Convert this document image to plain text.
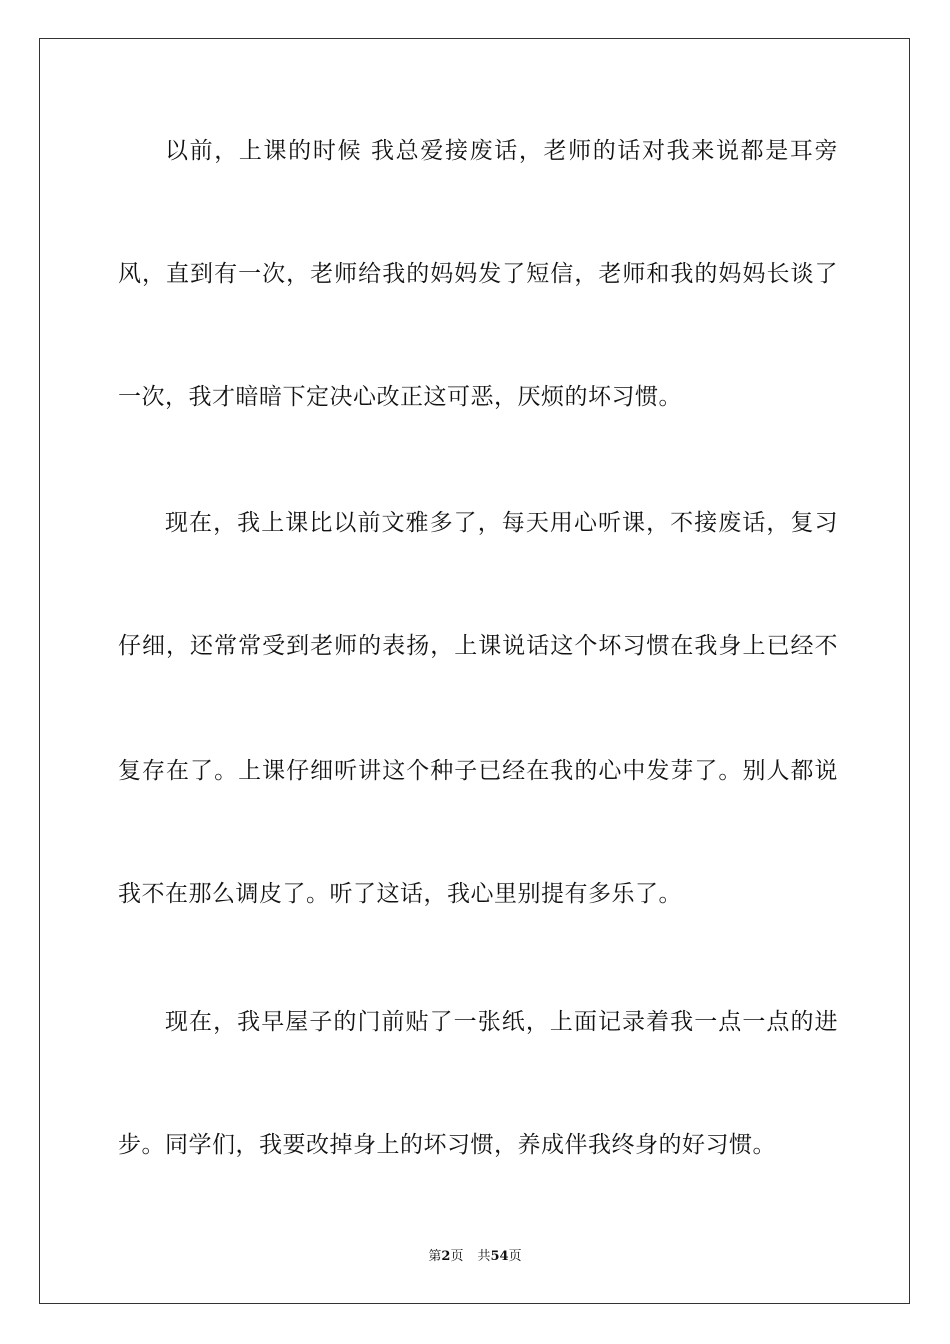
以前，上课的时候 我总爱接废话，老师的话对我来说都是耳旁
风，直到有一次，老师给我的妈妈发了短信，老师和我的妈妈长谈了
一次，我才暗暗下定决心改正这可恶，厌烦的坏习惯。
现在，我上课比以前文雅多了，每天用心听课，不接废话，复习
仔细，还常常受到老师的表扬，上课说话这个坏习惯在我身上已经不
复存在了。上课仔细听讲这个种子已经在我的心中发芽了。别人都说
我不在那么调皮了。听了这话，我心里别提有多乐了。
现在，我早屋子的门前贴了一张纸，上面记录着我一点一点的进
步。同学们，我要改掉身上的坏习惯，养成伴我终身的好习惯。
第2页 共54页
